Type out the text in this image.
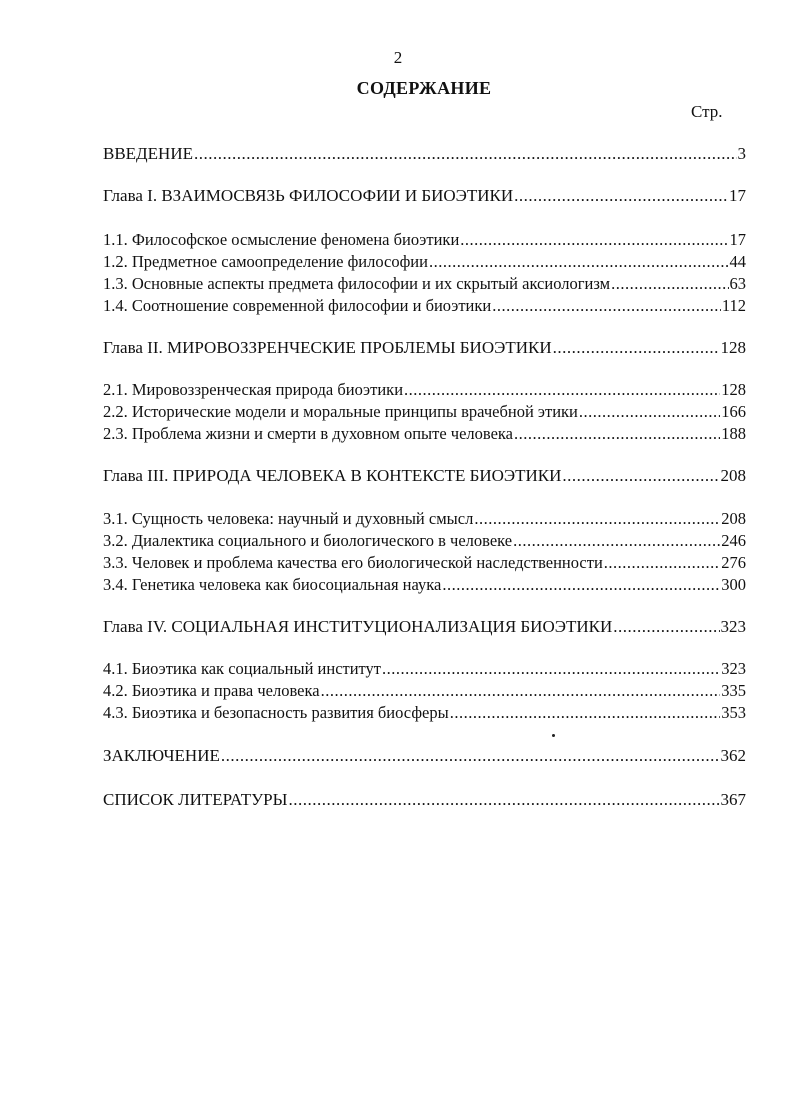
2
СОДЕРЖАНИЕ
Стр.
ВВЕДЕНИЕ .....	3
Глава I. ВЗАИМОСВЯЗЬ ФИЛОСОФИИ И БИОЭТИКИ .....	17
1.1. Философское осмысление феномена биоэтики .....	17
1.2. Предметное самоопределение философии .....	44
1.3. Основные аспекты предмета философии и их скрытый аксиологизм .....	63
1.4. Соотношение современной философии и биоэтики .....	112
Глава II. МИРОВОЗЗРЕНЧЕСКИЕ ПРОБЛЕМЫ БИОЭТИКИ .....	128
2.1. Мировоззренческая природа биоэтики .....	128
2.2. Исторические модели и моральные принципы врачебной этики .....	166
2.3. Проблема жизни и смерти в духовном опыте человека .....	188
Глава III. ПРИРОДА ЧЕЛОВЕКА В КОНТЕКСТЕ БИОЭТИКИ .....	208
3.1. Сущность человека: научный и духовный смысл .....	208
3.2. Диалектика социального и биологического в человеке .....	246
3.3. Человек и проблема качества его биологической наследственности .....	276
3.4. Генетика человека как биосоциальная наука .....	300
Глава IV. СОЦИАЛЬНАЯ ИНСТИТУЦИОНАЛИЗАЦИЯ БИОЭТИКИ .....	323
4.1. Биоэтика как социальный институт .....	323
4.2. Биоэтика и права человека .....	335
4.3. Биоэтика и безопасность развития биосферы .....	353
ЗАКЛЮЧЕНИЕ .....	362
СПИСОК ЛИТЕРАТУРЫ .....	367
